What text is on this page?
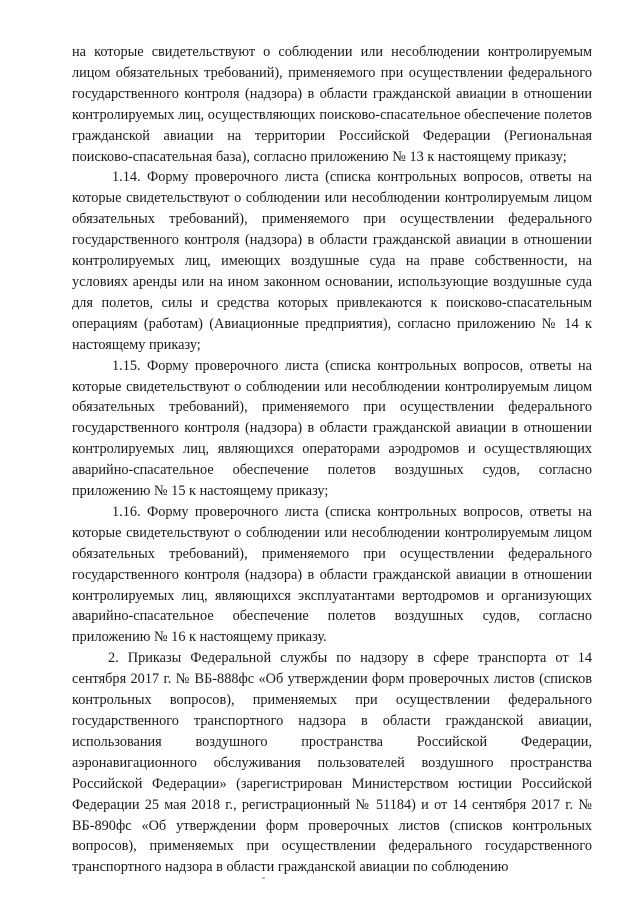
на которые свидетельствуют о соблюдении или несоблюдении контролируемым лицом обязательных требований), применяемого при осуществлении федерального государственного контроля (надзора) в области гражданской авиации в отношении контролируемых лиц, осуществляющих поисково-спасательное обеспечение полетов гражданской авиации на территории Российской Федерации (Региональная поисково-спасательная база), согласно приложению № 13 к настоящему приказу;

1.14. Форму проверочного листа (списка контрольных вопросов, ответы на которые свидетельствуют о соблюдении или несоблюдении контролируемым лицом обязательных требований), применяемого при осуществлении федерального государственного контроля (надзора) в области гражданской авиации в отношении контролируемых лиц, имеющих воздушные суда на праве собственности, на условиях аренды или на ином законном основании, использующие воздушные суда для полетов, силы и средства которых привлекаются к поисково-спасательным операциям (работам) (Авиационные предприятия), согласно приложению № 14 к настоящему приказу;

1.15. Форму проверочного листа (списка контрольных вопросов, ответы на которые свидетельствуют о соблюдении или несоблюдении контролируемым лицом обязательных требований), применяемого при осуществлении федерального государственного контроля (надзора) в области гражданской авиации в отношении контролируемых лиц, являющихся операторами аэродромов и осуществляющих аварийно-спасательное обеспечение полетов воздушных судов, согласно приложению № 15 к настоящему приказу;

1.16. Форму проверочного листа (списка контрольных вопросов, ответы на которые свидетельствуют о соблюдении или несоблюдении контролируемым лицом обязательных требований), применяемого при осуществлении федерального государственного контроля (надзора) в области гражданской авиации в отношении контролируемых лиц, являющихся эксплуатантами вертодромов и организующих аварийно-спасательное обеспечение полетов воздушных судов, согласно приложению № 16 к настоящему приказу.

2. Приказы Федеральной службы по надзору в сфере транспорта от 14 сентября 2017 г. № ВБ-888фс «Об утверждении форм проверочных листов (списков контрольных вопросов), применяемых при осуществлении федерального государственного транспортного надзора в области гражданской авиации, использования воздушного пространства Российской Федерации, аэронавигационного обслуживания пользователей воздушного пространства Российской Федерации» (зарегистрирован Министерством юстиции Российской Федерации 25 мая 2018 г., регистрационный № 51184) и от 14 сентября 2017 г. № ВБ-890фс «Об утверждении форм проверочных листов (списков контрольных вопросов), применяемых при осуществлении федерального государственного транспортного надзора в области гражданской авиации по соблюдению
